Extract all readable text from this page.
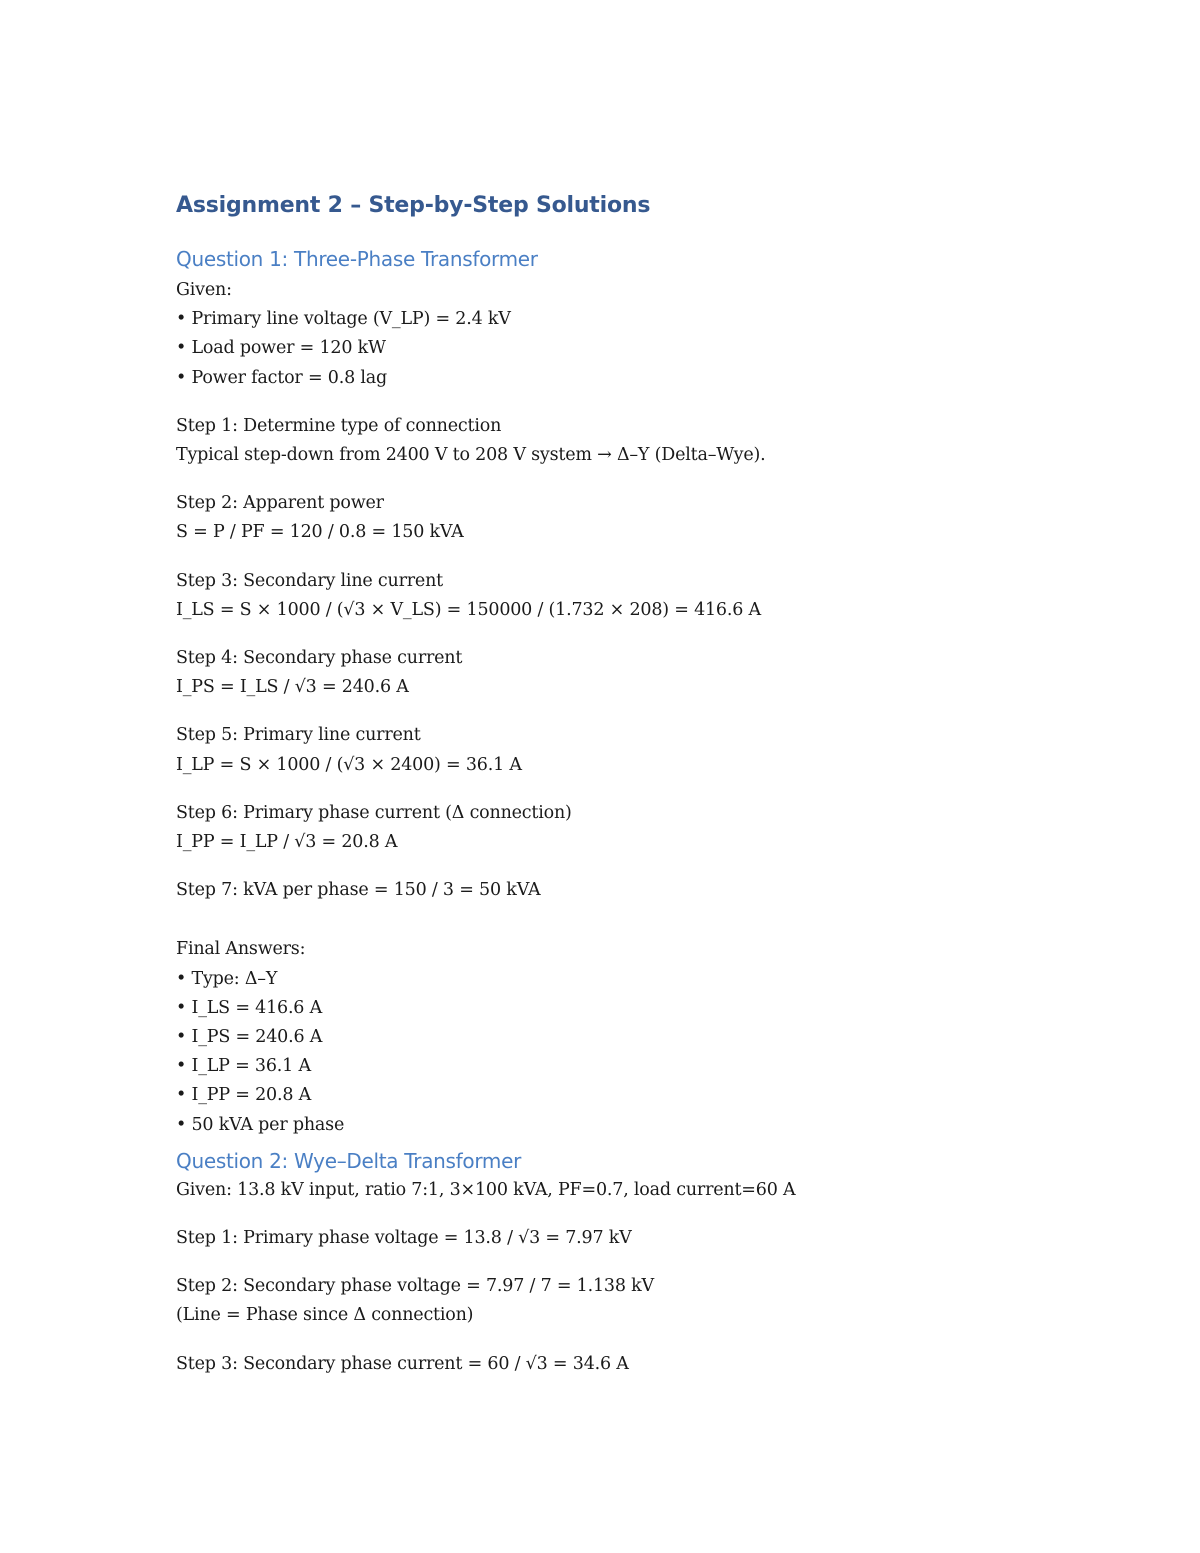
Assignment 2 – Step-by-Step Solutions

Question 1: Three-Phase Transformer

Given:

• Primary line voltage (V_LP) = 2.4 kV

• Load power = 120 kW

• Power factor = 0.8 lag

Step 1: Determine type of connection

Typical step-down from 2400 V to 208 V system → Δ–Y (Delta–Wye).

Step 2: Apparent power

S = P / PF = 120 / 0.8 = 150 kVA

Step 3: Secondary line current

I_LS = S × 1000 / (√3 × V_LS) = 150000 / (1.732 × 208) = 416.6 A

Step 4: Secondary phase current

I_PS = I_LS / √3 = 240.6 A

Step 5: Primary line current

I_LP = S × 1000 / (√3 × 2400) = 36.1 A

Step 6: Primary phase current (Δ connection)

I_PP = I_LP / √3 = 20.8 A

Step 7: kVA per phase = 150 / 3 = 50 kVA

Final Answers:

• Type: Δ–Y

• I_LS = 416.6 A

• I_PS = 240.6 A

• I_LP = 36.1 A

• I_PP = 20.8 A

• 50 kVA per phase

Question 2: Wye–Delta Transformer

Given: 13.8 kV input, ratio 7:1, 3×100 kVA, PF=0.7, load current=60 A

Step 1: Primary phase voltage = 13.8 / √3 = 7.97 kV

Step 2: Secondary phase voltage = 7.97 / 7 = 1.138 kV

(Line = Phase since Δ connection)

Step 3: Secondary phase current = 60 / √3 = 34.6 A
